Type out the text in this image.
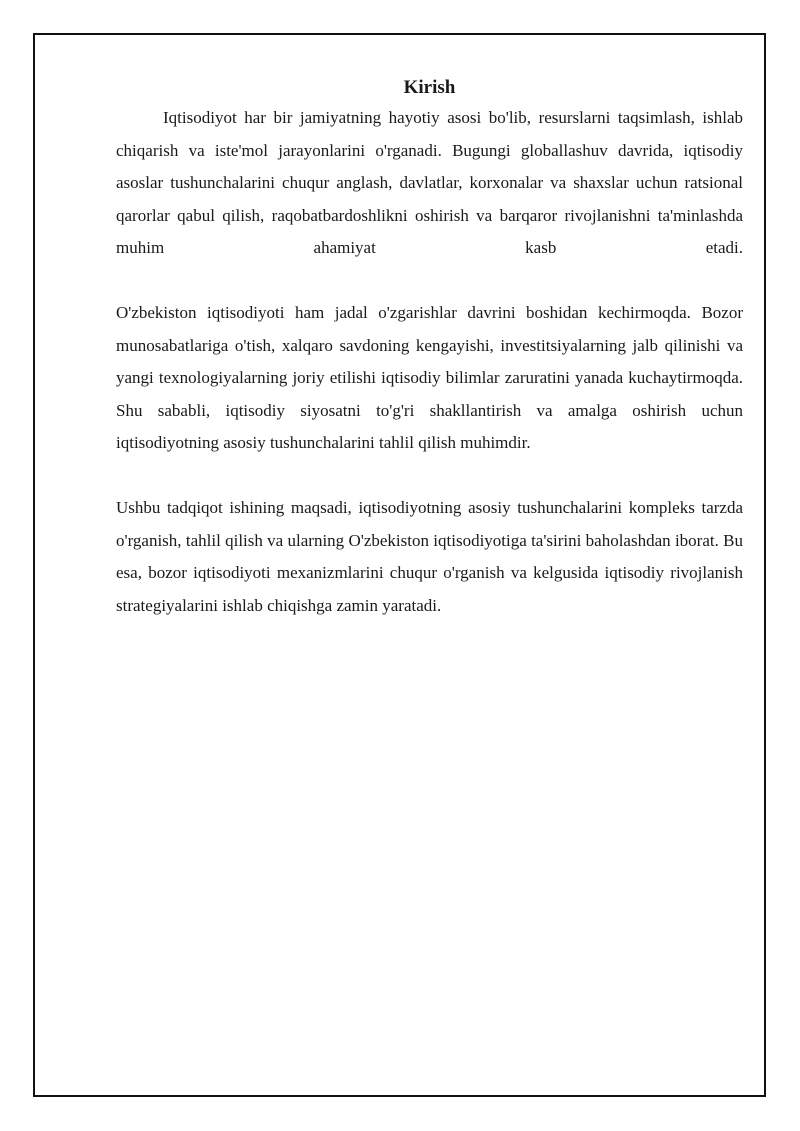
Kirish

Iqtisodiyot har bir jamiyatning hayotiy asosi bo'lib, resurslarni taqsimlash, ishlab chiqarish va iste'mol jarayonlarini o'rganadi. Bugungi globallashuv davrida, iqtisodiy asoslar tushunchalarini chuqur anglash, davlatlar, korxonalar va shaxslar uchun ratsional qarorlar qabul qilish, raqobatbardoshlikni oshirish va barqaror rivojlanishni ta'minlashda muhim ahamiyat kasb etadi.

O'zbekiston iqtisodiyoti ham jadal o'zgarishlar davrini boshidan kechirmoqda. Bozor munosabatlariga o'tish, xalqaro savdoning kengayishi, investitsiyalarning jalb qilinishi va yangi texnologiyalarning joriy etilishi iqtisodiy bilimlar zaruratini yanada kuchaytirmoqda. Shu sababli, iqtisodiy siyosatni to'g'ri shakllantirish va amalga oshirish uchun iqtisodiyotning asosiy tushunchalarini tahlil qilish muhimdir.

Ushbu tadqiqot ishining maqsadi, iqtisodiyotning asosiy tushunchalarini kompleks tarzda o'rganish, tahlil qilish va ularning O'zbekiston iqtisodiyotiga ta'sirini baholashdan iborat. Bu esa, bozor iqtisodiyoti mexanizmlarini chuqur o'rganish va kelgusida iqtisodiy rivojlanish strategiyalarini ishlab chiqishga zamin yaratadi.
